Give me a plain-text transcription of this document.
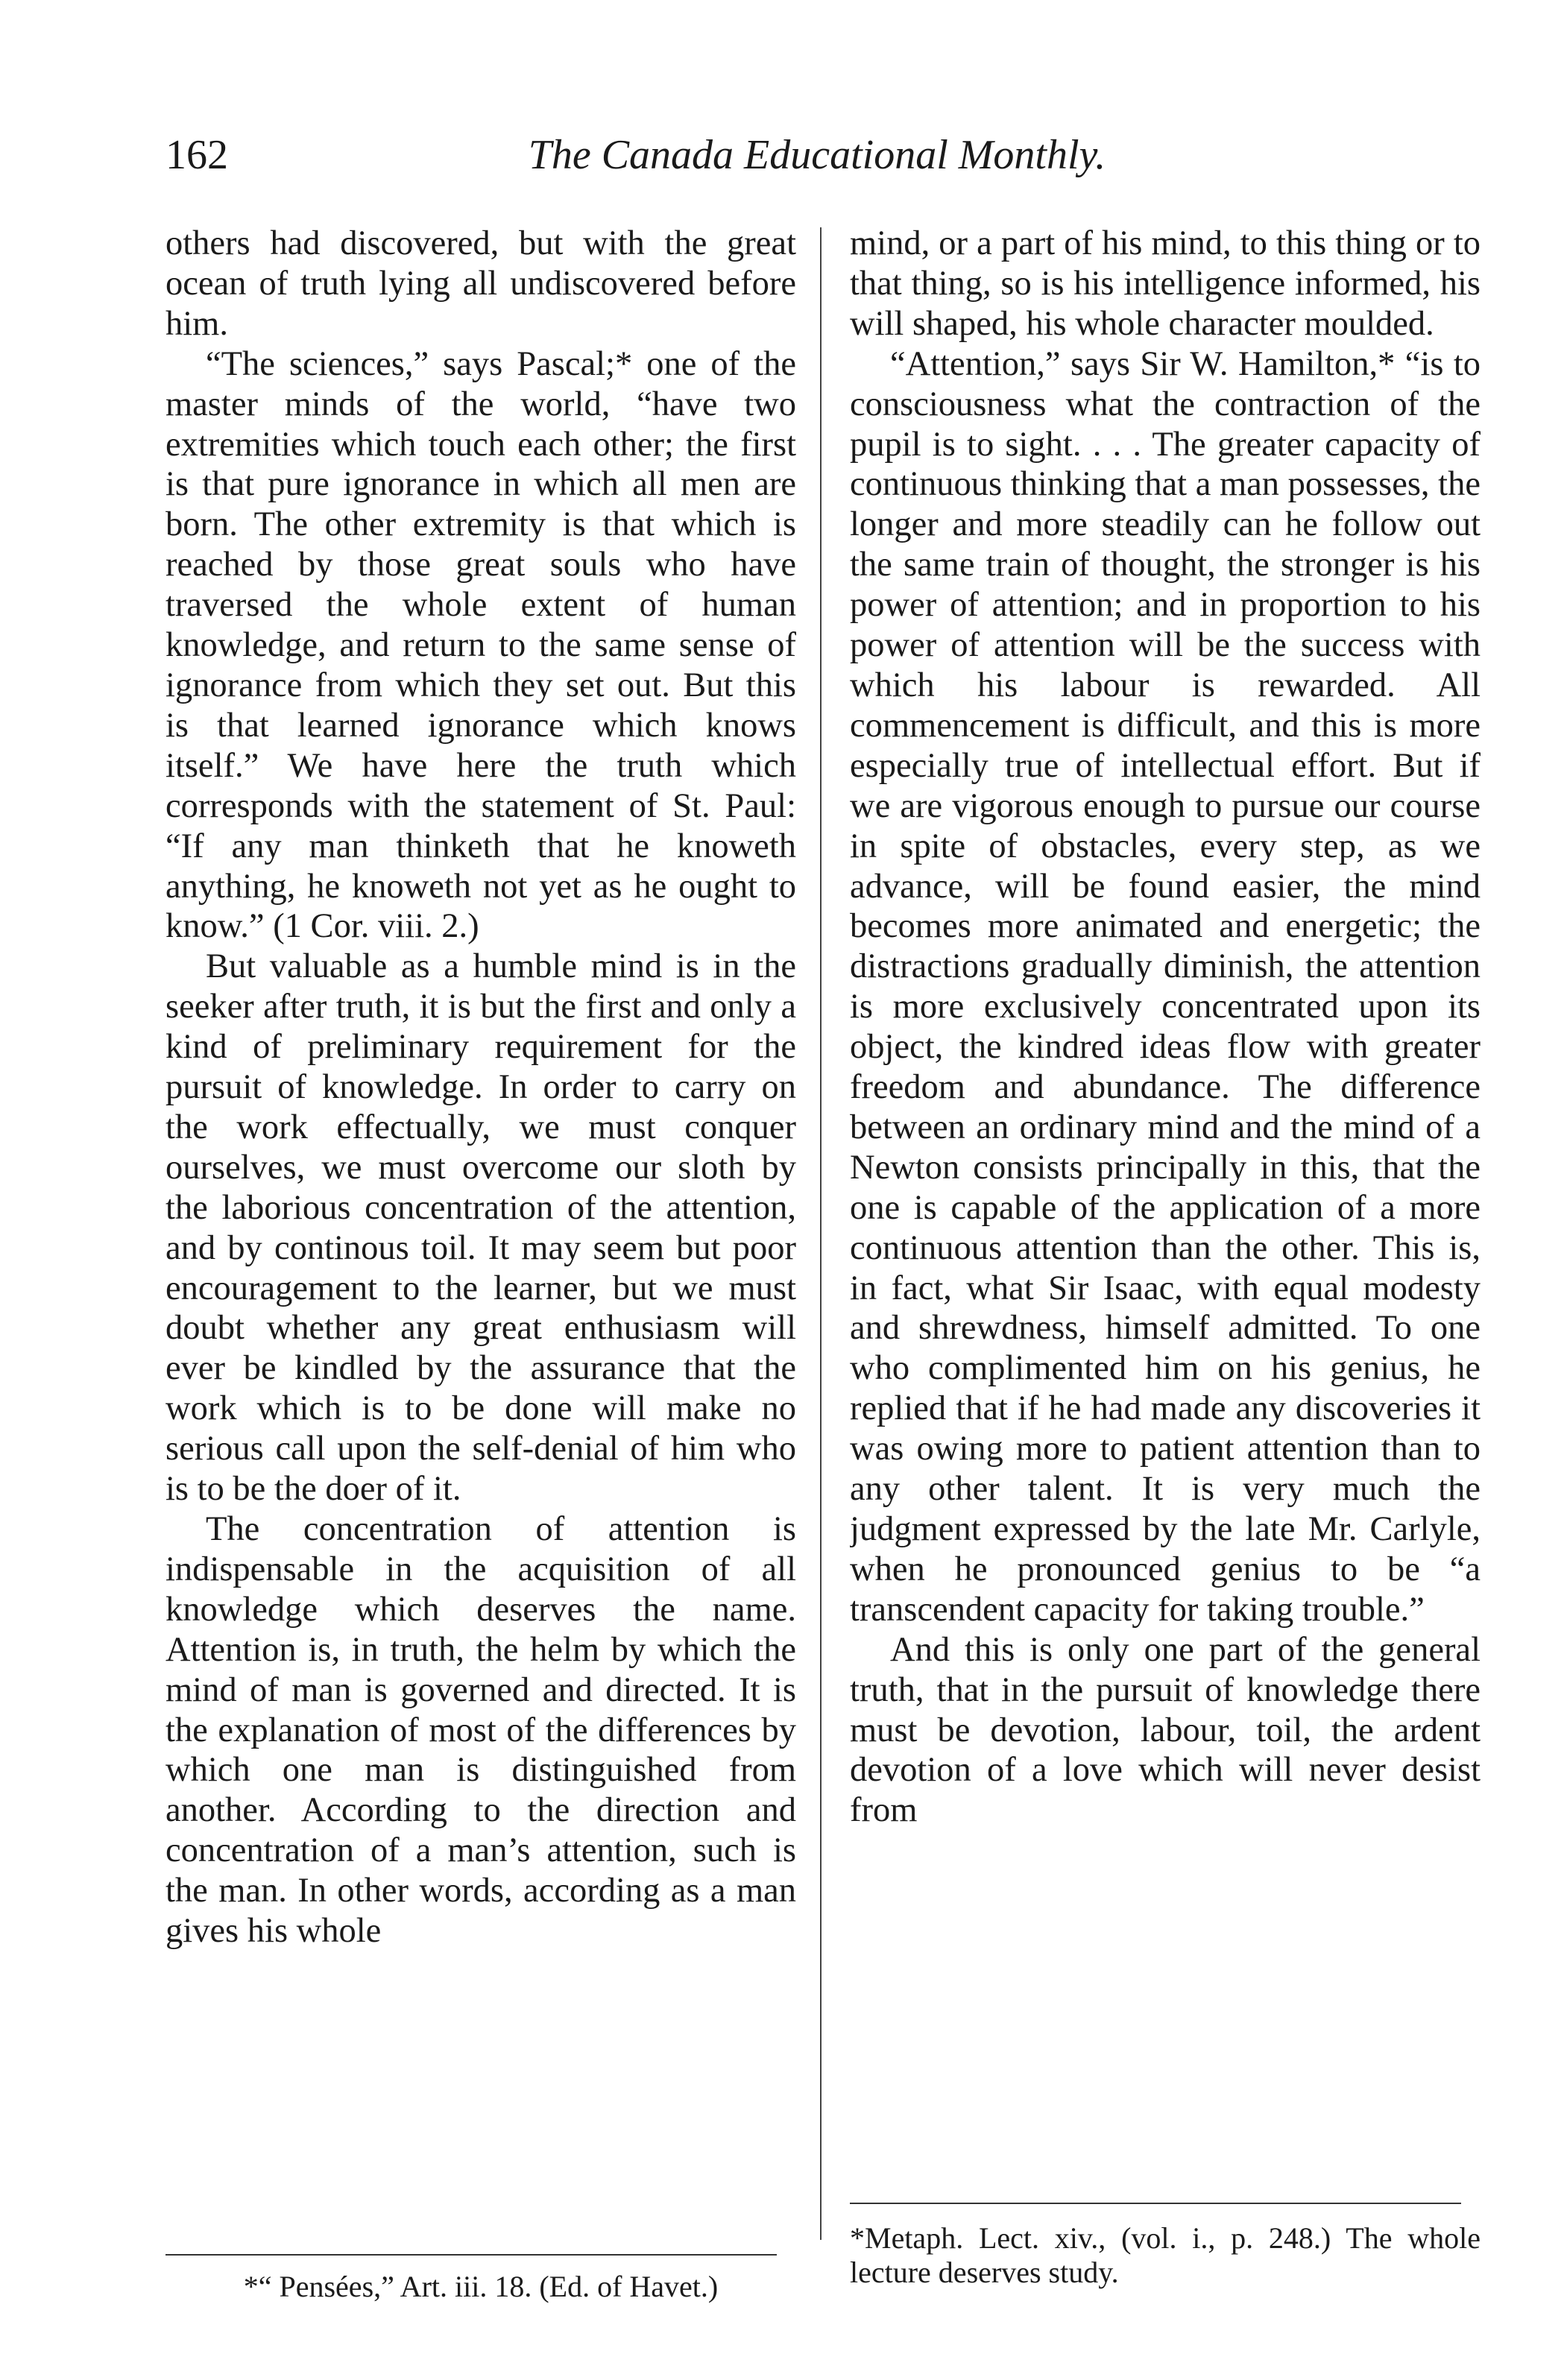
162	The Canada Educational Monthly.

others had discovered, but with the great ocean of truth lying all undiscovered before him.

“The sciences,” says Pascal;* one of the master minds of the world, “have two extremities which touch each other; the first is that pure ignorance in which all men are born. The other extremity is that which is reached by those great souls who have traversed the whole extent of human knowledge, and return to the same sense of ignorance from which they set out. But this is that learned ignorance which knows itself.” We have here the truth which corresponds with the statement of St. Paul: “If any man thinketh that he knoweth anything, he knoweth not yet as he ought to know.” (1 Cor. viii. 2.)

But valuable as a humble mind is in the seeker after truth, it is but the first and only a kind of preliminary requirement for the pursuit of knowledge. In order to carry on the work effectually, we must conquer ourselves, we must overcome our sloth by the laborious concentration of the attention, and by continous toil. It may seem but poor encouragement to the learner, but we must doubt whether any great enthusiasm will ever be kindled by the assurance that the work which is to be done will make no serious call upon the self-denial of him who is to be the doer of it.

The concentration of attention is indispensable in the acquisition of all knowledge which deserves the name. Attention is, in truth, the helm by which the mind of man is governed and directed. It is the explanation of most of the differences by which one man is distinguished from another. According to the direction and concentration of a man’s attention, such is the man. In other words, according as a man gives his whole

*“ Pensées,” Art. iii. 18. (Ed. of Havet.)

mind, or a part of his mind, to this thing or to that thing, so is his intelligence informed, his will shaped, his whole character moulded.

“Attention,” says Sir W. Hamilton,* “is to consciousness what the contraction of the pupil is to sight. . . . The greater capacity of continuous thinking that a man possesses, the longer and more steadily can he follow out the same train of thought, the stronger is his power of attention; and in proportion to his power of attention will be the success with which his labour is rewarded. All commencement is difficult, and this is more especially true of intellectual effort. But if we are vigorous enough to pursue our course in spite of obstacles, every step, as we advance, will be found easier, the mind becomes more animated and energetic; the distractions gradually diminish, the attention is more exclusively concentrated upon its object, the kindred ideas flow with greater freedom and abundance. The difference between an ordinary mind and the mind of a Newton consists principally in this, that the one is capable of the application of a more continuous attention than the other. This is, in fact, what Sir Isaac, with equal modesty and shrewdness, himself admitted. To one who complimented him on his genius, he replied that if he had made any discoveries it was owing more to patient attention than to any other talent. It is very much the judgment expressed by the late Mr. Carlyle, when he pronounced genius to be “a transcendent capacity for taking trouble.”

And this is only one part of the general truth, that in the pursuit of knowledge there must be devotion, labour, toil, the ardent devotion of a love which will never desist from

*Metaph. Lect. xiv., (vol. i., p. 248.) The whole lecture deserves study.
